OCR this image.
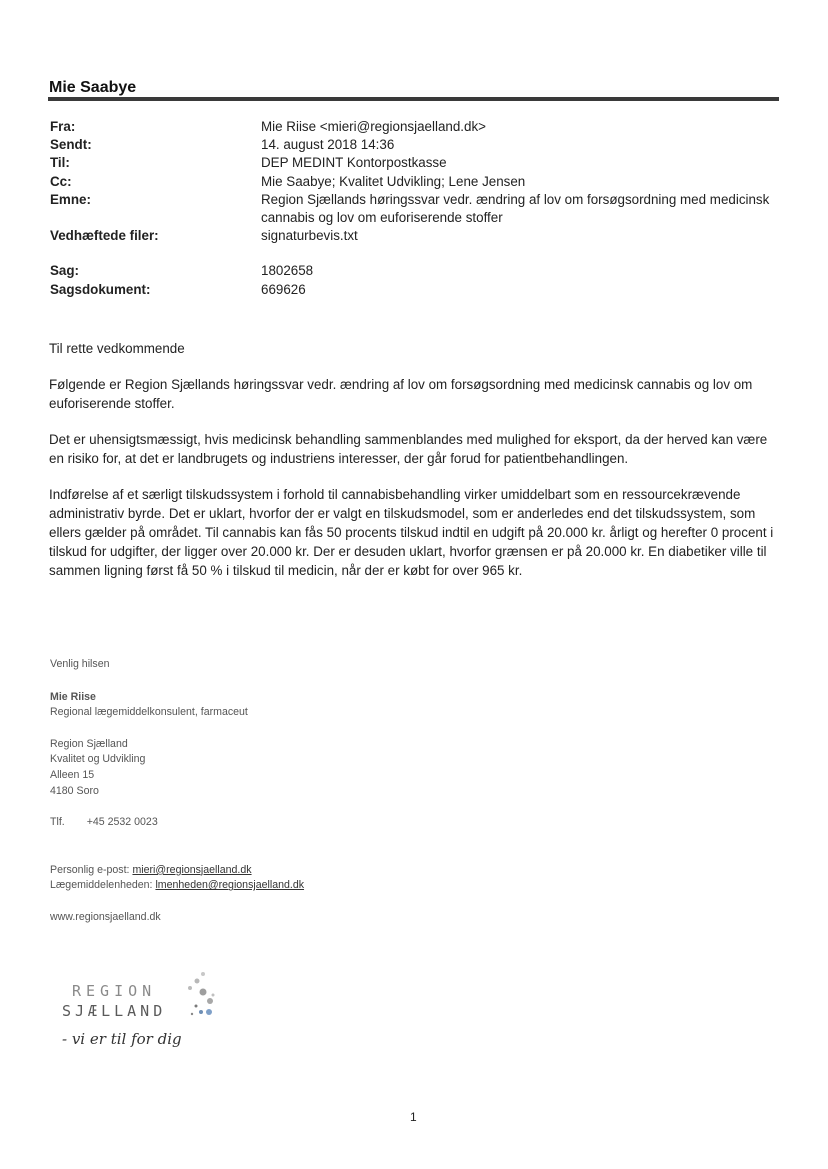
Mie Saabye
Fra:	Mie Riise <mieri@regionsjaelland.dk>
Sendt:	14. august 2018 14:36
Til:	DEP MEDINT Kontorpostkasse
Cc:	Mie Saabye; Kvalitet Udvikling; Lene Jensen
Emne:	Region Sjællands høringssvar vedr. ændring af lov om forsøgsordning med medicinsk cannabis og lov om euforiserende stoffer
Vedhæftede filer:	signaturbevis.txt
Sag:	1802658
Sagsdokument:	669626

Til rette vedkommende

Følgende er Region Sjællands høringssvar vedr. ændring af lov om forsøgsordning med medicinsk cannabis og lov om euforiserende stoffer.

Det er uhensigtsmæssigt, hvis medicinsk behandling sammenblandes med mulighed for eksport, da der herved kan være en risiko for, at det er landbrugets og industriens interesser, der går forud for patientbehandlingen.

Indførelse af et særligt tilskudssystem i forhold til cannabisbehandling virker umiddelbart som en ressourcekrævende administrativ byrde. Det er uklart, hvorfor der er valgt en tilskudsmodel, som er anderledes end det tilskudssystem, som ellers gælder på området. Til cannabis kan fås 50 procents tilskud indtil en udgift på 20.000 kr. årligt og herefter 0 procent i tilskud for udgifter, der ligger over 20.000 kr. Der er desuden uklart, hvorfor grænsen er på 20.000 kr. En diabetiker ville til sammen ligning først få 50 % i tilskud til medicin, når der er købt for over 965 kr.

Venlig hilsen
Mie Riise
Regional lægemiddelkonsulent, farmaceut
Region Sjælland
Kvalitet og Udvikling
Alleen 15
4180 Soro
Tlf. +45 2532 0023
Personlig e-post: mieri@regionsjaelland.dk
Lægemiddelenheden: lmenheden@regionsjaelland.dk
www.regionsjaelland.dk
REGION
SJÆLLAND
- vi er til for dig
1
